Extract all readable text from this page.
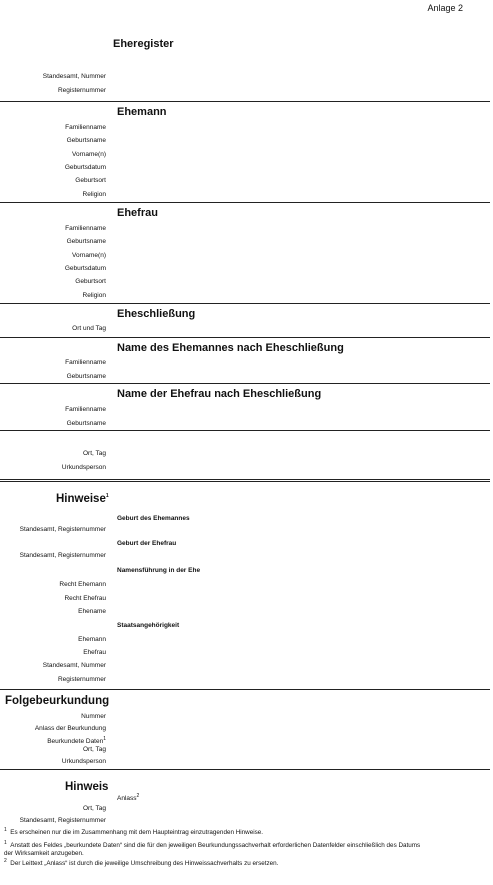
Anlage 2
Eheregister
Standesamt, Nummer
Registernummer
Ehemann
Familienname
Geburtsname
Vorname(n)
Geburtsdatum
Geburtsort
Religion
Ehefrau
Familienname
Geburtsname
Vorname(n)
Geburtsdatum
Geburtsort
Religion
Eheschließung
Ort und Tag
Name des Ehemannes nach Eheschließung
Familienname
Geburtsname
Name der Ehefrau nach Eheschließung
Familienname
Geburtsname
Ort, Tag
Urkundsperson
Hinweise$^1$
Geburt des Ehemannes
Standesamt, Registernummer
Geburt der Ehefrau
Standesamt, Registernummer
Namensführung in der Ehe
Recht Ehemann
Recht Ehefrau
Ehename
Staatsangehörigkeit
Ehemann
Ehefrau
Standesamt, Nummer
Registernummer
Folgebeurkundung
Nummer
Anlass der Beurkundung
Beurkundete Daten$^1$
Ort, Tag
Urkundsperson
Hinweis
Anlass$^2$
Ort, Tag
Standesamt, Registernummer
$^1$ Es erscheinen nur die im Zusammenhang mit dem Haupteintrag einzutragenden Hinweise.
$^1$ Anstatt des Feldes „beurkundete Daten“ sind die für den jeweiligen Beurkundungssachverhalt erforderlichen Datenfelder einschließlich des Datums der Wirksamkeit anzugeben.
$^2$ Der Leittext „Anlass“ ist durch die jeweilige Umschreibung des Hinweissachverhalts zu ersetzen.
